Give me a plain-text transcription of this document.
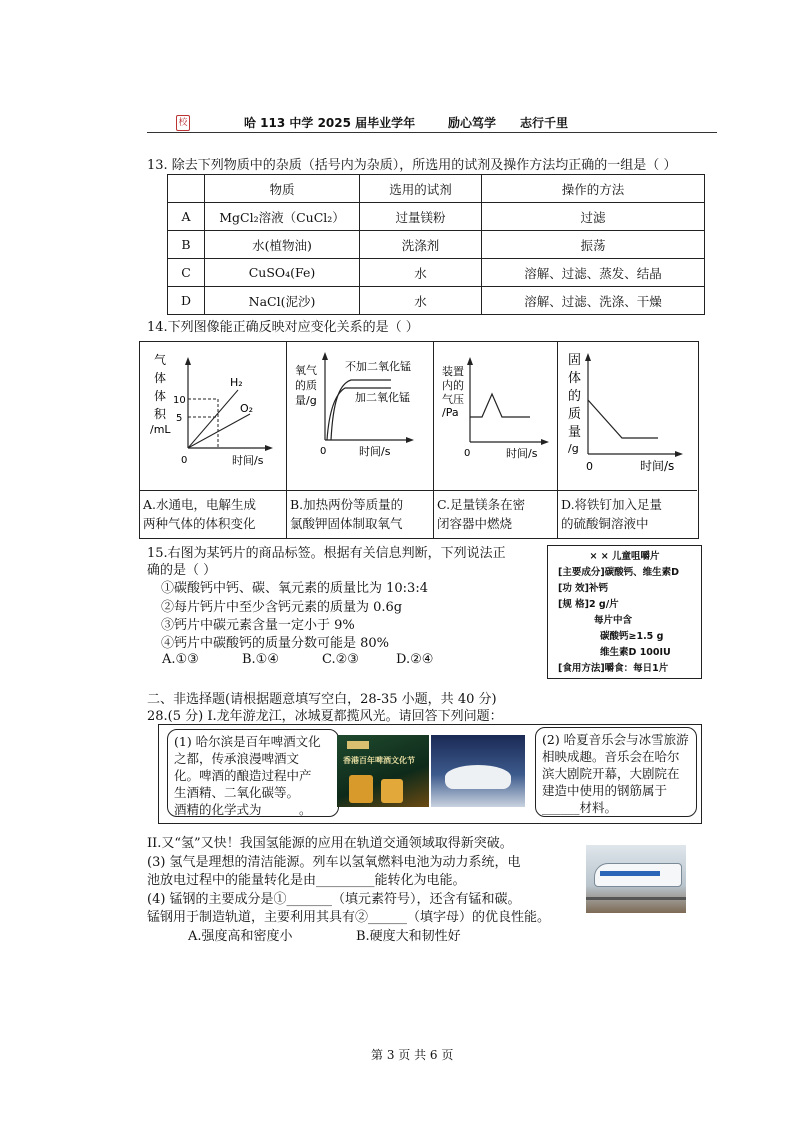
校	哈 113 中学 2025 届毕业学年	励心笃学 志行千里
13. 除去下列物质中的杂质（括号内为杂质），所选用的试剂及操作方法均正确的一组是（ ）
	物质	选用的试剂	操作的方法
A	MgCl₂溶液（CuCl₂）	过量镁粉	过滤
B	水(植物油)	洗涤剂	振荡
C	CuSO₄(Fe)	水	溶解、过滤、蒸发、结晶
D	NaCl(泥沙)	水	溶解、过滤、洗涤、干燥
14.下列图像能正确反映对应变化关系的是（ ）
气
体
体
积
/mL
10
5
0	时间/s
H₂
O₂
A.水通电，电解生成
两种气体的体积变化
氧气
的质
量/g
不加二氧化锰
加二氧化锰
0	时间/s
B.加热两份等质量的
氯酸钾固体制取氧气
装置
内的
气压
/Pa
0	时间/s
C.足量镁条在密
闭容器中燃烧
固
体
的
质
量
/g
0	时间/s
D.将铁钉加入足量
的硫酸铜溶液中
15.右图为某钙片的商品标签。根据有关信息判断，下列说法正
确的是（ ）
①碳酸钙中钙、碳、氧元素的质量比为 10:3:4
②每片钙片中至少含钙元素的质量为 0.6g
③钙片中碳元素含量一定小于 9%
④钙片中碳酸钙的质量分数可能是 80%
A.①③	B.①④	C.②③	D.②④
× × 儿童咀嚼片
[主要成分]碳酸钙、维生素D
[功 效]补钙
[规 格]2 g/片
每片中含
碳酸钙≥1.5 g
维生素D 100IU
[食用方法]嚼食：每日1片
二、非选择题(请根据题意填写空白，28-35 小题，共 40 分)
28.(5 分) Ⅰ.龙年游龙江，冰城夏都揽风光。请回答下列问题：
(1) 哈尔滨是百年啤酒文化
之都，传承浪漫啤酒文
化。啤酒的酿造过程中产
生酒精、二氧化碳等。
酒精的化学式为______。
香港百年啤酒文化节
(2) 哈夏音乐会与冰雪旅游
相映成趣。音乐会在哈尔
滨大剧院开幕，大剧院在
建造中使用的钢筋属于
______材料。
II.又“氢”又快！我国氢能源的应用在轨道交通领域取得新突破。
(3) 氢气是理想的清洁能源。列车以氢氧燃料电池为动力系统，电
池放电过程中的能量转化是由_________能转化为电能。
(4) 锰钢的主要成分是①_______（填元素符号），还含有锰和碳。
锰钢用于制造轨道，主要利用其具有②______（填字母）的优良性能。
A.强度高和密度小	B.硬度大和韧性好
第 3 页 共 6 页
